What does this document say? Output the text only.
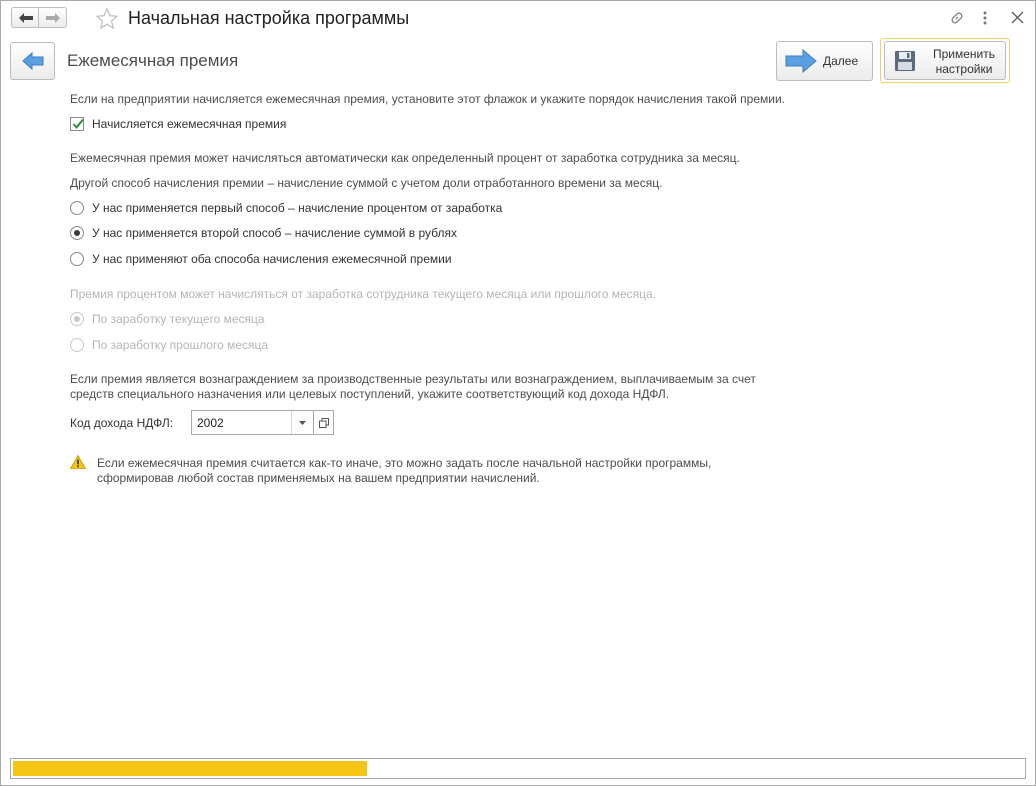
Начальная настройка программы
Ежемесячная премия	Далее	Применить настройки
Если на предприятии начисляется ежемесячная премия, установите этот флажок и укажите порядок начисления такой премии.
Начисляется ежемесячная премия
Ежемесячная премия может начисляться автоматически как определенный процент от заработка сотрудника за месяц.
Другой способ начисления премии – начисление суммой с учетом доли отработанного времени за месяц.
У нас применяется первый способ – начисление процентом от заработка
У нас применяется второй способ – начисление суммой в рублях
У нас применяют оба способа начисления ежемесячной премии
Премия процентом может начисляться от заработка сотрудника текущего месяца или прошлого месяца.
По заработку текущего месяца
По заработку прошлого месяца
Если премия является вознаграждением за производственные результаты или вознаграждением, выплачиваемым за счет
средств специального назначения или целевых поступлений, укажите соответствующий код дохода НДФЛ.
Код дохода НДФЛ: 2002
Если ежемесячная премия считается как-то иначе, это можно задать после начальной настройки программы,
сформировав любой состав применяемых на вашем предприятии начислений.
